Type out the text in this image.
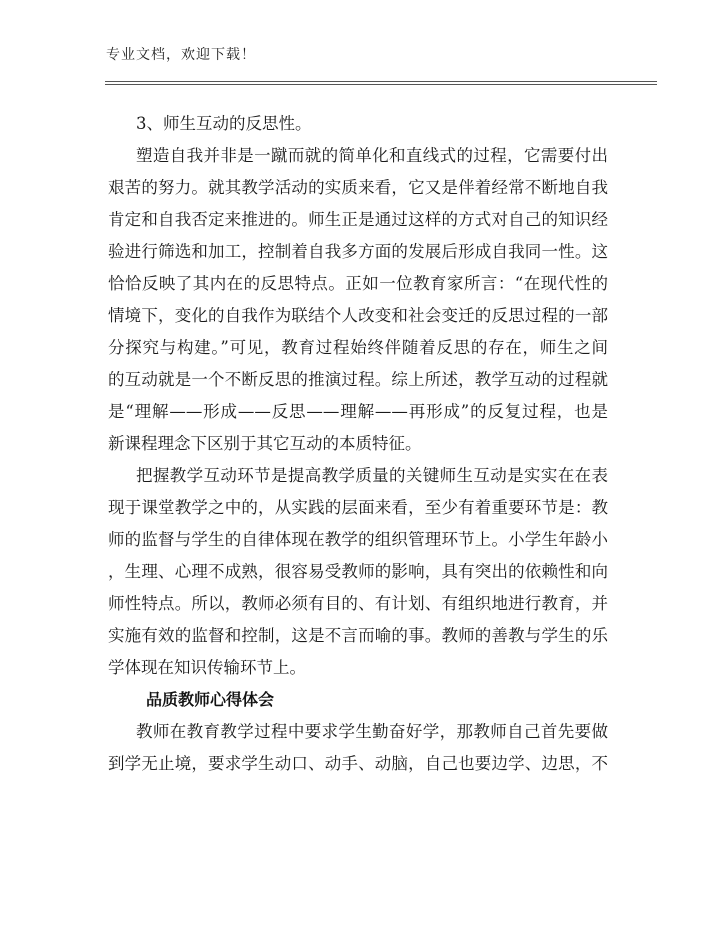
专业文档，欢迎下载！
3、师生互动的反思性。
塑造自我并非是一蹴而就的简单化和直线式的过程，它需要付出
艰苦的努力。就其教学活动的实质来看，它又是伴着经常不断地自我
肯定和自我否定来推进的。师生正是通过这样的方式对自己的知识经
验进行筛选和加工，控制着自我多方面的发展后形成自我同一性。这
恰恰反映了其内在的反思特点。正如一位教育家所言：“在现代性的
情境下，变化的自我作为联结个人改变和社会变迁的反思过程的一部
分探究与构建。”可见，教育过程始终伴随着反思的存在，师生之间
的互动就是一个不断反思的推演过程。综上所述，教学互动的过程就
是“理解——形成——反思——理解——再形成”的反复过程，也是
新课程理念下区别于其它互动的本质特征。
把握教学互动环节是提高教学质量的关键师生互动是实实在在表
现于课堂教学之中的，从实践的层面来看，至少有着重要环节是：教
师的监督与学生的自律体现在教学的组织管理环节上。小学生年龄小
，生理、心理不成熟，很容易受教师的影响，具有突出的依赖性和向
师性特点。所以，教师必须有目的、有计划、有组织地进行教育，并
实施有效的监督和控制，这是不言而喻的事。教师的善教与学生的乐
学体现在知识传输环节上。
品质教师心得体会
教师在教育教学过程中要求学生勤奋好学，那教师自己首先要做
到学无止境，要求学生动口、动手、动脑，自己也要边学、边思，不
